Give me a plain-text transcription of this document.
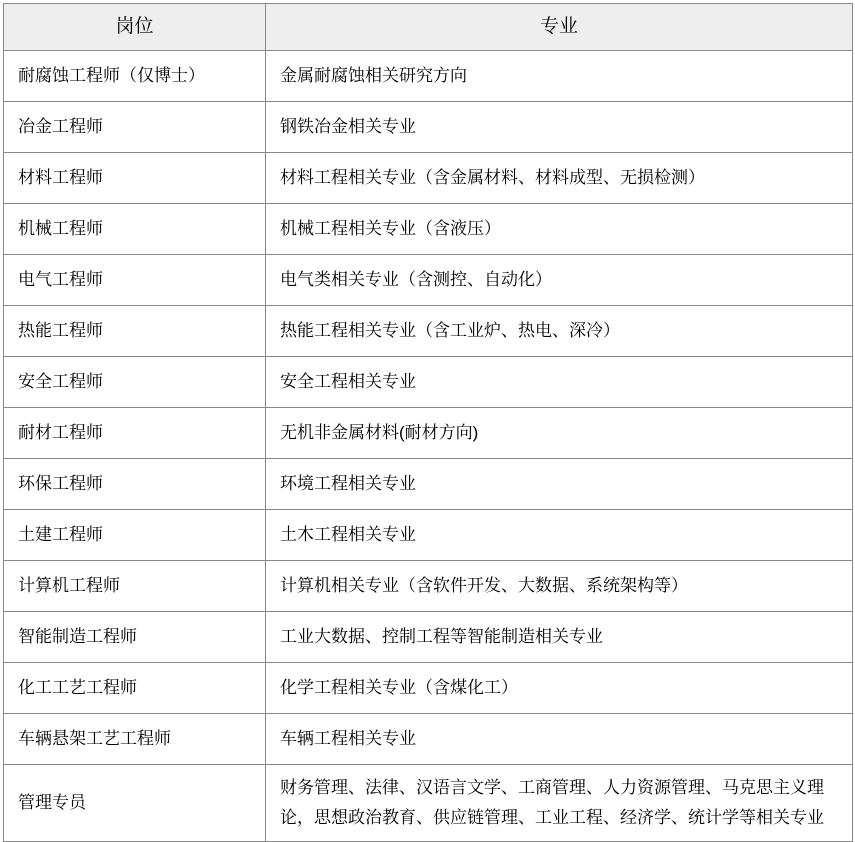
岗位	专业
耐腐蚀工程师（仅博士）	金属耐腐蚀相关研究方向
冶金工程师	钢铁冶金相关专业
材料工程师	材料工程相关专业（含金属材料、材料成型、无损检测）
机械工程师	机械工程相关专业（含液压）
电气工程师	电气类相关专业（含测控、自动化）
热能工程师	热能工程相关专业（含工业炉、热电、深冷）
安全工程师	安全工程相关专业
耐材工程师	无机非金属材料(耐材方向)
环保工程师	环境工程相关专业
土建工程师	土木工程相关专业
计算机工程师	计算机相关专业（含软件开发、大数据、系统架构等）
智能制造工程师	工业大数据、控制工程等智能制造相关专业
化工工艺工程师	化学工程相关专业（含煤化工）
车辆悬架工艺工程师	车辆工程相关专业
管理专员	财务管理、法律、汉语言文学、工商管理、人力资源管理、马克思主义理论，思想政治教育、供应链管理、工业工程、经济学、统计学等相关专业
